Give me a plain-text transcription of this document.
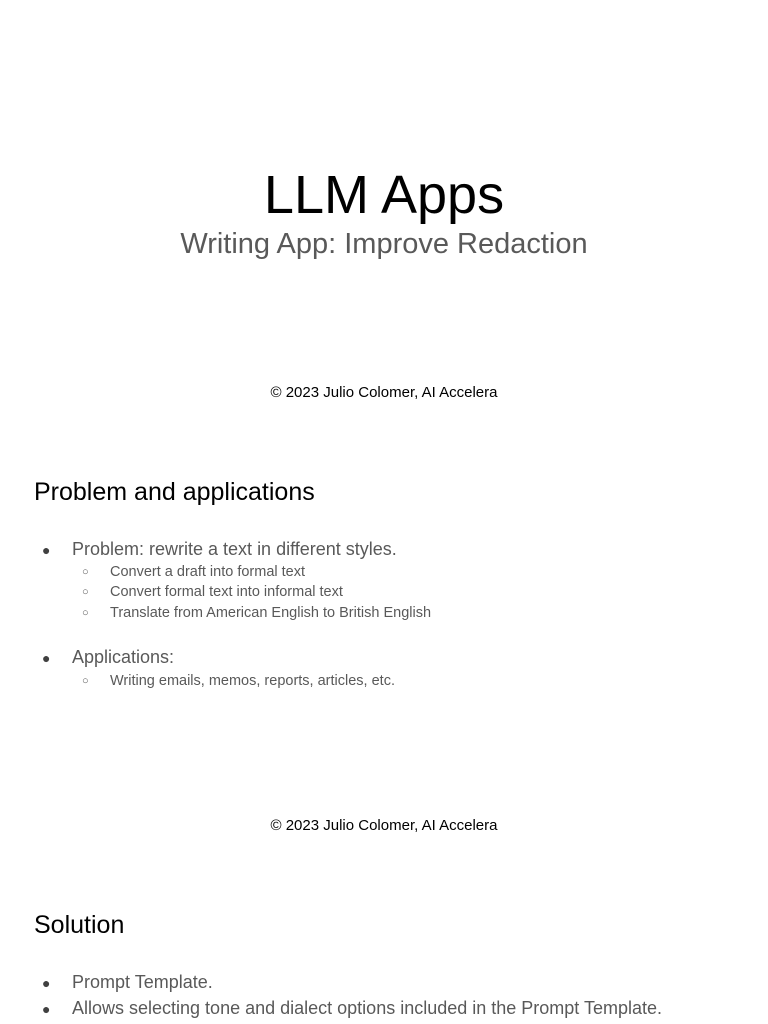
LLM Apps
Writing App: Improve Redaction
© 2023 Julio Colomer, AI Accelera
Problem and applications
● Problem: rewrite a text in different styles.
○ Convert a draft into formal text
○ Convert formal text into informal text
○ Translate from American English to British English
● Applications:
○ Writing emails, memos, reports, articles, etc.
© 2023 Julio Colomer, AI Accelera
Solution
● Prompt Template.
● Allows selecting tone and dialect options included in the Prompt Template.
